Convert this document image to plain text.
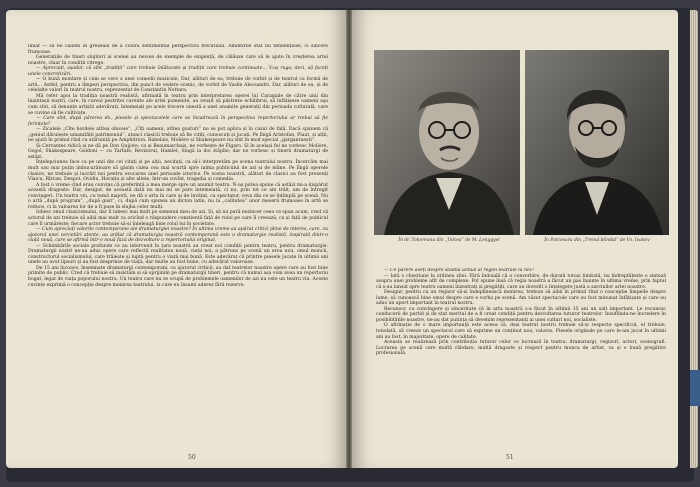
liniat — să ne căliem în greșeala de a colora sentimental perspectiva trecutului. Amintirile stat nu tendențiose, ci sincere frumoase.

Generațiile de tineri slujitori ai scenei au nevoie de exemple de exigență, de călăuze care să le ajute în creșterea artei noastre, chiar în condiții vitrege.

— Apreciați, așadar, că sînt „tradiții” care trebuie înlăturate și tradiții care trebuie continuate... V-aș ruga, deci, să faceți unele concretizări.

— O bună montare și cum se cere a unei comedii muzicale, Dar, alături de ea, trebuie de vorbit și de teatrul ca formă de artă... Astfel, pentru a limpezi perspectiva, din punct de vedere scenic, de vorbit de Vasile Alecsandri. Dar, alături de ea, și de celelalte valori în teatrul nostru, reprezentat de Constantin Nottara.

Mă refer apoi la tradiția noastră realistă, afirmată în teatru prin interpretarea operei lui Caragiale de către unii din înaintașii noștri, care, în cursul pestriței curente ale artei pomenite, au reușit să păstreze echilibrul, să înfățișeze oameni aşa cum sînt, să denunțe artiștii adevărați, întemeiați pe acele trecere onestă a unei anumite generații din perioada culturală, care se cuvine să fie cultivate.

— Care sînt, după părerea dv., piesele și spectacolele care se încadrează în perspectiva repertoriului ar trebui să fie ferințele?

— Zicalele „Cîte bordeie atîtea obiceie”, „Cîți oameni, atîtea gusturi” nu se pot aplica și în cazul de față. Dacă spunem că „geniul dăruiește umanității patrimoniul”, atunci clasicii trebuie să fie citiți, cunoscuți și jucați. Pe lîngă Aristofan, Plaut, și alții, ne ajută în primul rînd cu stăruință pe Amphitrion. Rabelais, Molière și Shakespeare nu sînt în mod special „gargantuești”.

Și Cervantes ridică și ne dă pe Don Quijote; ca și Beaumarchais, ne vorbește de Figaro. Și în același fel ne vorbesc Molière, Gogol, Shakespeare, Goldoni — cu Tartufe, Revizorul, Hamlet, Slugă la doi stăpîni; dar ne vorbesc și tinerii dramaturgi de astăzi.

Înțelepciunea face ca pe unii din cei citați și pe alții, necitați, ca să-i interpretăm pe scena teatrului nostru. Încercăm mai mult sau mai puțin imbucurătoare să găsim calea cea mai scurtă spre inima publicului de azi și de mîine. Pe lîngă operele clasice, ne trebuie și lucrări noi pentru evocarea unei perioade istorice. Pe scena noastră, alături de clasici au fost prezenți Vlaicu, Rîzvan, Despot, Ovidiu, Horațiu și alte altele, într-un cuvînt, tragedia și comedia.

A fost o vreme cînd erau convins că preferință a mea merge spre un anumit teatru. N-aș putea spune că astăzi mi-a dispărut această dragoste. Dar, desigur, de această dată nu mai mi se pare întemeiată, ci nu, prin tot ce am trăit, am de întregit convingeri. Un teatru viu, cu temă majoră, ne dă o arta în care ai de învățat, ca spectator, ceva din ce se întîmplă pe scenă. Nu o artă „după program”, „după gust”, ci, după cum spunea un dicton latin, nu la „calitatea” unor meserii frumoase în artă se reduce, ci la valoarea lor de a fi puse în slujba celor mulți.

Iubesc omul clasicismului, dar îl iubesc mai mult pe semenul meu de azi. Și, să nu pară nesincer ceea ce spun acum, cred că actorul de azi trebuie să aibă mai mult ca oricînd o răspundere conștientă față de rolul pe care îl creează, ca și față de publicul care îl urmărește; fiecare actor trebuie să-și înțeleagă bine rolul lui în societate.

— Cum apreciați valorile contemporane ale dramaturgiei noastre? În ultima vreme au apărut critici pline de interes, care, cu ajutorul unei cercetări atente, au arătat că dramaturgia noastră contemporană este o dramaturgie realistă, inspirată dintr-o viață nouă, care se afirmă într-o nouă fază de dezvoltare a repertoriului original.

— Schimbările sociale profunde ce au intervenit în țara noastră au creat noi condiții pentru teatru, pentru dramaturgie. Dramaturgii noștri ne-au adus opere care reflectă realitatea nouă, vieții noi; a pătruns pe scenă un erou nou, omul muncii, constructorul socialismului, care trăiește și luptă pentru o viață mai bună. Este adevărat că printre piesele jucate în ultimii ani unele au avut lipsuri și au fost desprinse de viață, dar multe au fost bune, cu adevărat valoroase.

De 15 ani încoace, însemnate dramaturgi contemporani, cu ajutorul criticii, au dat teatrelor noastre opere care au fost bine primite de public. Cred că trebuie să insistăm și să sprijinim pe dramaturgii tineri, pentru că numai așa vom avea un repertoriu bogat, legat de viața poporului nostru. Un teatru care nu se ocupă de problemele oamenilor de azi nu este un teatru viu. Aceste cuvinte exprimă o concepție despre menirea teatrului, la care eu însumi aderez fără rezerve.

50
În dr. Tohereanu din „Tolcea” de M. Lenggyel	În Potcovaru din „Trenul blindat” de Vs. Ivanov

— Ce părere aveți despre stadiul actual al regiei teatrale la noi?

— Iată o chestiune la ordinea zilei. Fără îndoială că o convorbire, de durată totuși limitată, nu îndreptățește o sinteză asupra unei probleme atît de complexe. Pot spune însă că regia noastră a făcut un pas înainte în ultima vreme, prin faptul că s-au lansat spre teatru oameni înzestrați și pregătiți, care au dovedit o înțelegere justă a sarcinilor artei noastre.

Desigur, pentru ca un regizor să-și îndeplinească menirea, trebuie să aibă în primul rînd o concepție limpede despre lume, să cunoască bine omul despre care e vorba pe scenă. Am văzut spectacole care au fost minunat înfățișate și care au adus un aport important în teatrul nostru.

Recunosc cu convingere și sinceritate că în arta noastră s-a făcut în ultimii 15 ani un salt important. Le recunosc conducerii de partid și de stat meritul de a fi creat condiții pentru dezvoltarea tuturor teatrelor. Insuflîndu-ne încredere în posibilitățile noastre, ne-au dat putința să devenim reprezentanți ai unei culturi noi, socialiste.

O afirmație de o mare importanță este aceea că, deși teatrul nostru trebuie să-și respecte specificul, el trebuie, totodată, să creeze un spectacol care să exprime un conținut nou, valoros. Piesele originale pe care le-am jucat în ultimii ani au fost, în majoritate, opere de calitate.

Aceasta se realizează prin contribuția tuturor celor ce lucrează în teatru: dramaturgi, regizori, actori, scenografi. Lucrarea pe scenă cere multă răbdare, multă dragoste și respect pentru munca de artist, ca și o bună pregătire profesională.

51
